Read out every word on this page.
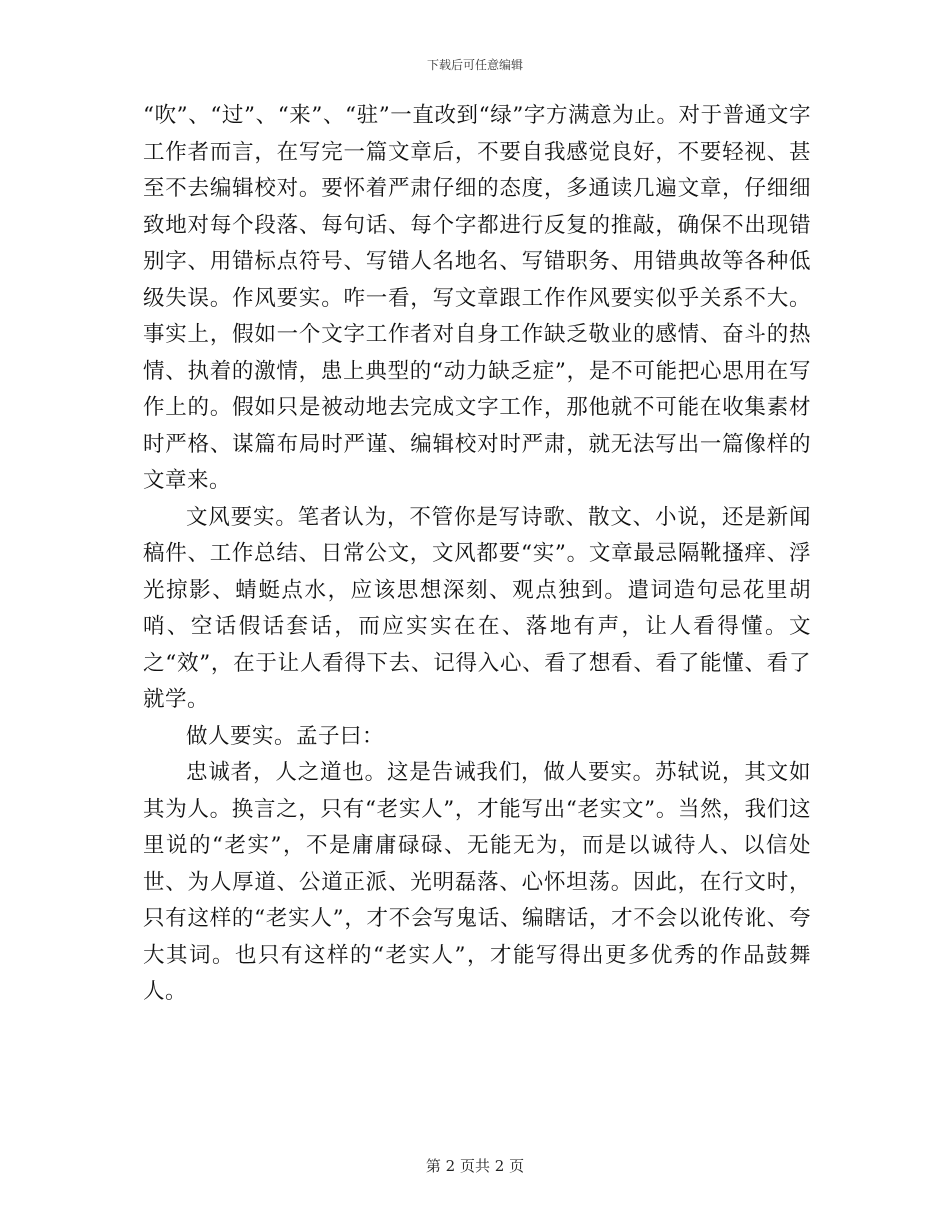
下载后可任意编辑

“吹”、“过”、“来”、“驻”一直改到“绿”字方满意为止。对于普通文字工作者而言，在写完一篇文章后，不要自我感觉良好，不要轻视、甚至不去编辑校对。要怀着严肃仔细的态度，多通读几遍文章，仔细细致地对每个段落、每句话、每个字都进行反复的推敲，确保不出现错别字、用错标点符号、写错人名地名、写错职务、用错典故等各种低级失误。作风要实。咋一看，写文章跟工作作风要实似乎关系不大。事实上，假如一个文字工作者对自身工作缺乏敬业的感情、奋斗的热情、执着的激情，患上典型的“动力缺乏症”，是不可能把心思用在写作上的。假如只是被动地去完成文字工作，那他就不可能在收集素材时严格、谋篇布局时严谨、编辑校对时严肃，就无法写出一篇像样的文章来。

文风要实。笔者认为，不管你是写诗歌、散文、小说，还是新闻稿件、工作总结、日常公文，文风都要“实”。文章最忌隔靴搔痒、浮光掠影、蜻蜓点水，应该思想深刻、观点独到。遣词造句忌花里胡哨、空话假话套话，而应实实在在、落地有声，让人看得懂。文之“效”，在于让人看得下去、记得入心、看了想看、看了能懂、看了就学。

做人要实。孟子曰：

忠诚者，人之道也。这是告诫我们，做人要实。苏轼说，其文如其为人。换言之，只有“老实人”，才能写出“老实文”。当然，我们这里说的“老实”，不是庸庸碌碌、无能无为，而是以诚待人、以信处世、为人厚道、公道正派、光明磊落、心怀坦荡。因此，在行文时，只有这样的“老实人”，才不会写鬼话、编瞎话，才不会以讹传讹、夸大其词。也只有这样的“老实人”，才能写得出更多优秀的作品鼓舞人。

第 2 页共 2 页
